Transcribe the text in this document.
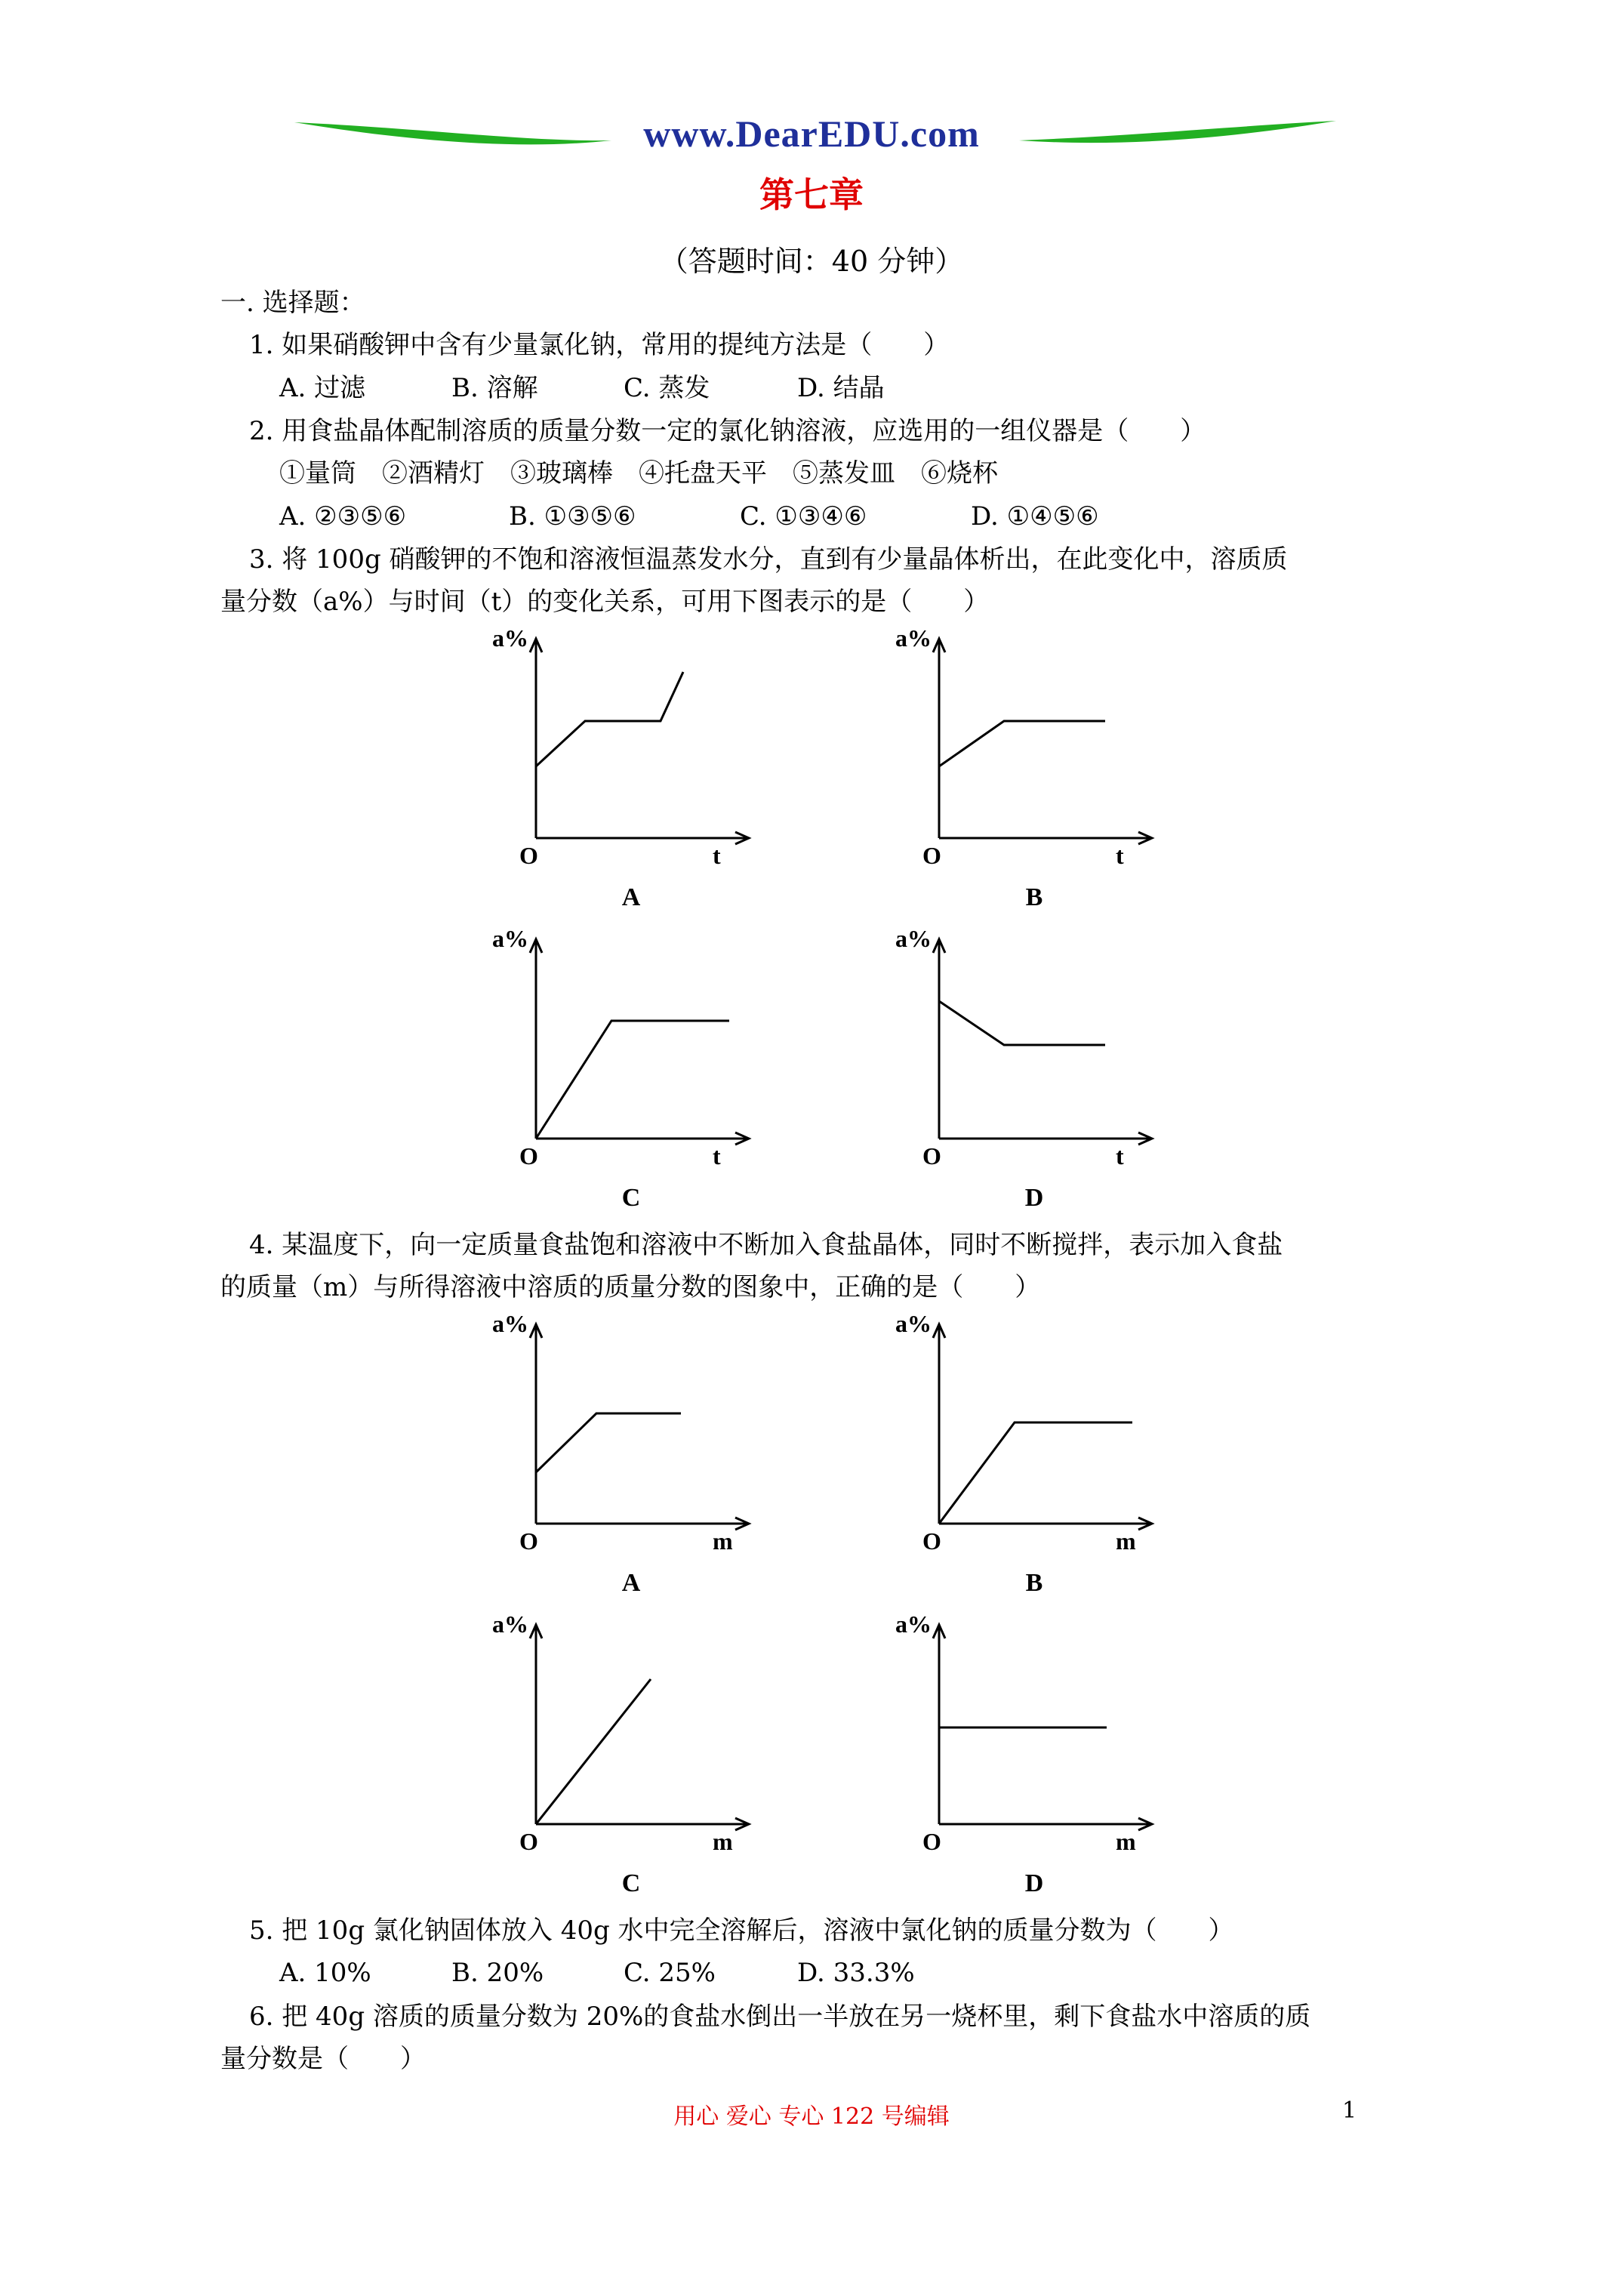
www.DearEDU.com
第七章
（答题时间：40 分钟）
一. 选择题：
1. 如果硝酸钾中含有少量氯化钠，常用的提纯方法是（　　）
A. 过滤	B. 溶解	C. 蒸发	D. 结晶
2. 用食盐晶体配制溶质的质量分数一定的氯化钠溶液，应选用的一组仪器是（　　）
①量筒　②酒精灯　③玻璃棒　④托盘天平　⑤蒸发皿　⑥烧杯
A. ②③⑤⑥	B. ①③⑤⑥	C. ①③④⑥	D. ①④⑤⑥
3. 将 100g 硝酸钾的不饱和溶液恒温蒸发水分，直到有少量晶体析出，在此变化中，溶质质
量分数（a%）与时间（t）的变化关系，可用下图表示的是（　　）
a%
O	t
A
a%
O	t
B
a%
O	t
C
a%
O	t
D
4. 某温度下，向一定质量食盐饱和溶液中不断加入食盐晶体，同时不断搅拌，表示加入食盐
的质量（m）与所得溶液中溶质的质量分数的图象中，正确的是（　　）
a%
O	m
A
a%
O	m
B
a%
O	m
C
a%
O	m
D
5. 把 10g 氯化钠固体放入 40g 水中完全溶解后，溶液中氯化钠的质量分数为（　　）
A. 10%	B. 20%	C. 25%	D. 33.3%
6. 把 40g 溶质的质量分数为 20%的食盐水倒出一半放在另一烧杯里，剩下食盐水中溶质的质
量分数是（　　）
用心 爱心 专心 122 号编辑	1
